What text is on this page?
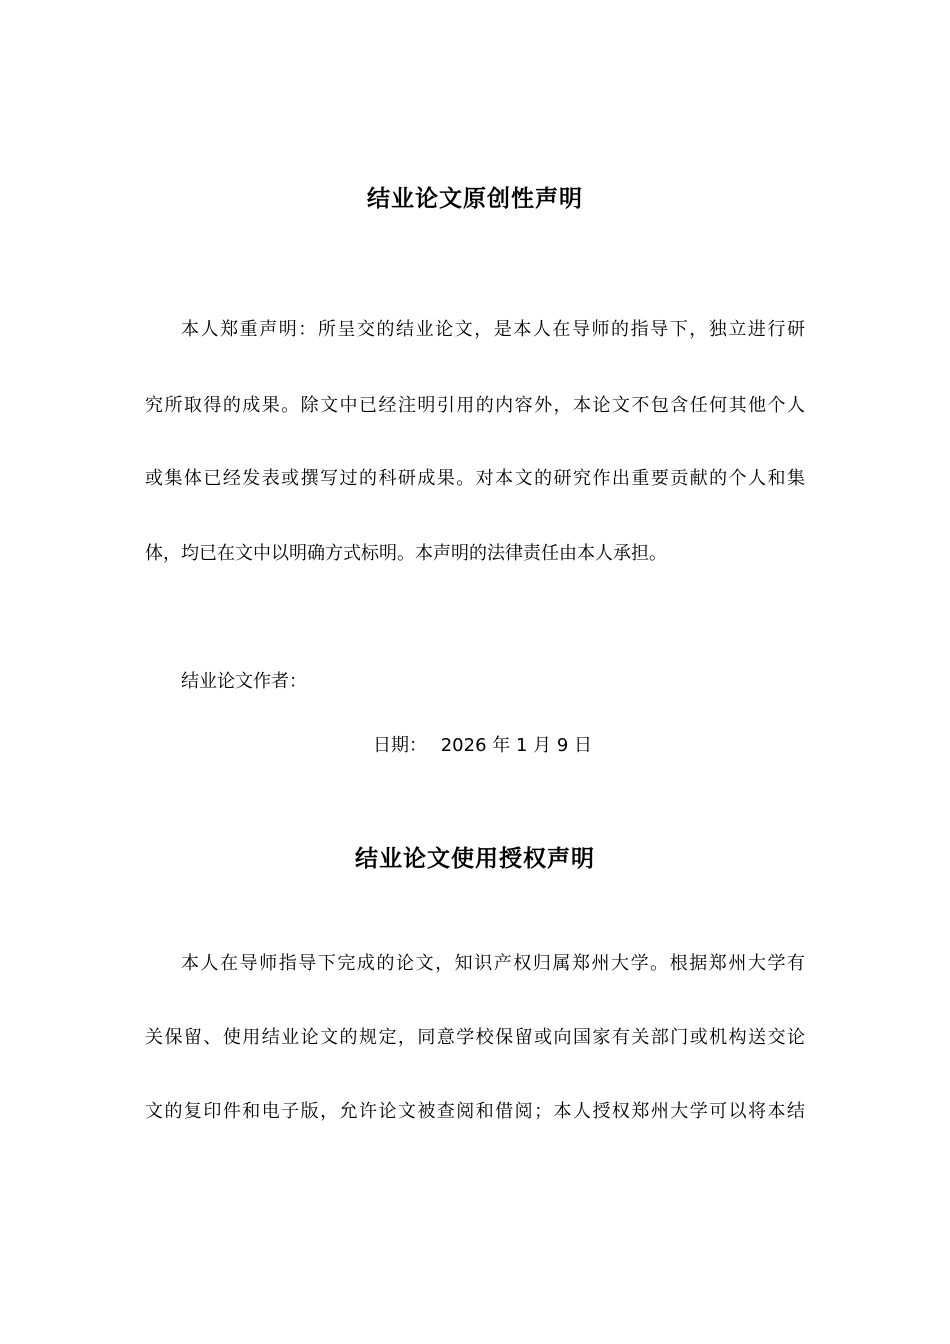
结业论文原创性声明
本人郑重声明：所呈交的结业论文，是本人在导师的指导下，独立进行研
究所取得的成果。除文中已经注明引用的内容外，本论文不包含任何其他个人
或集体已经发表或撰写过的科研成果。对本文的研究作出重要贡献的个人和集
体，均已在文中以明确方式标明。本声明的法律责任由本人承担。
结业论文作者：
日期： 2026 年 1 月 9 日
结业论文使用授权声明
本人在导师指导下完成的论文，知识产权归属郑州大学。根据郑州大学有
关保留、使用结业论文的规定，同意学校保留或向国家有关部门或机构送交论
文的复印件和电子版，允许论文被查阅和借阅；本人授权郑州大学可以将本结
